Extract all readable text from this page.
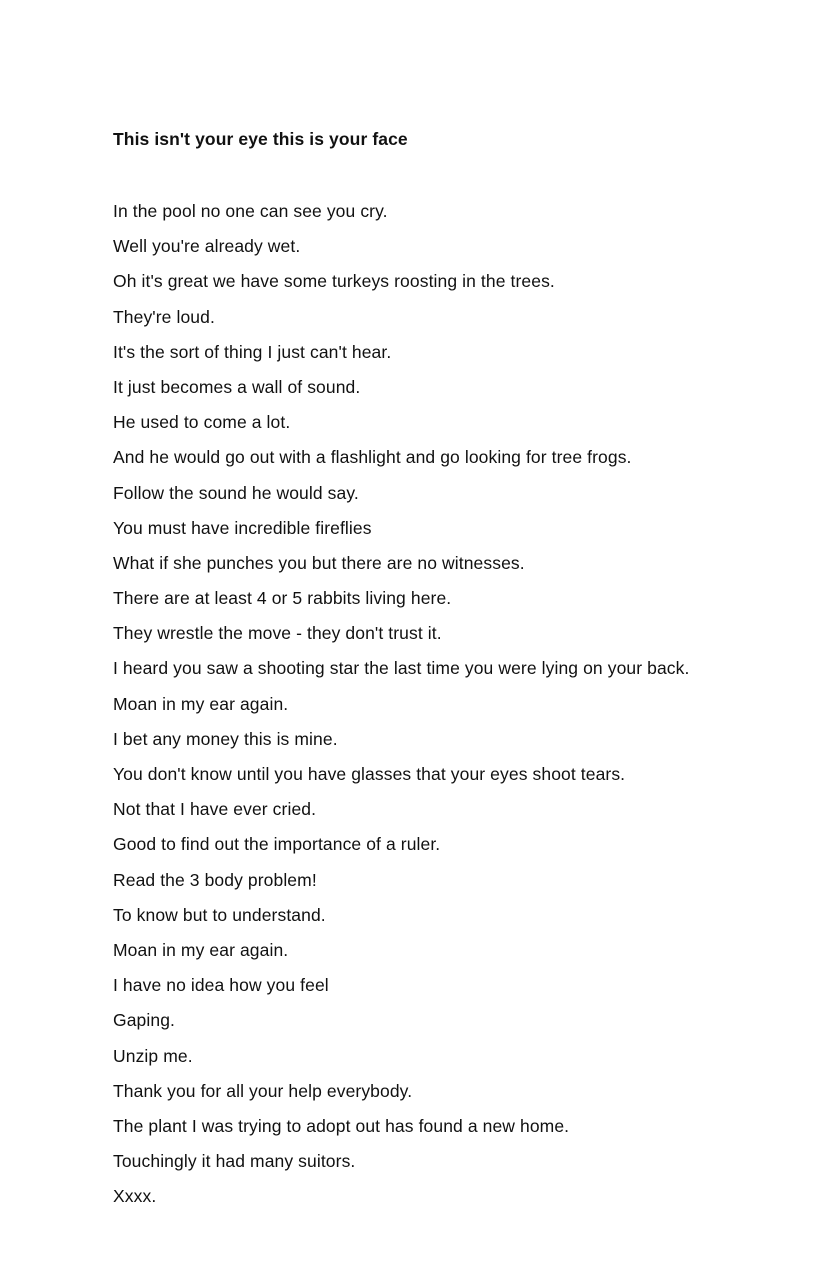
This isn't your eye this is your face
In the pool no one can see you cry.
Well you're already wet.
Oh it's great we have some turkeys roosting in the trees.
They're loud.
It's the sort of thing I just can't hear.
It just becomes a wall of sound.
He used to come a lot.
And he would go out with a flashlight and go looking for tree frogs.
Follow the sound he would say.
You must have incredible fireflies
What if she punches you but there are no witnesses.
There are at least 4 or 5 rabbits living here.
They wrestle the move - they don't trust it.
I heard you saw a shooting star the last time you were lying on your back.
Moan in my ear again.
I bet any money this is mine.
You don't know until you have glasses that your eyes shoot tears.
Not that I have ever cried.
Good to find out the importance of a ruler.
Read the 3 body problem!
To know but to understand.
Moan in my ear again.
I have no idea how you feel
Gaping.
Unzip me.
Thank you for all your help everybody.
The plant I was trying to adopt out has found a new home.
Touchingly it had many suitors.
Xxxx.
